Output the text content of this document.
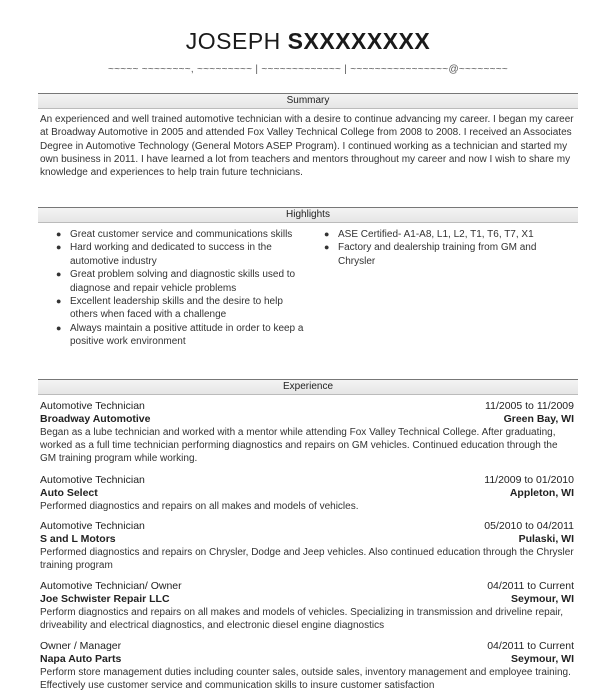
JOSEPH SXXXXXXXX
~~~~~ ~~~~~~~~, ~~~~~~~~~ | ~~~~~~~~~~~~~ | ~~~~~~~~~~~~~~~~@~~~~~~~~
Summary
An experienced and well trained automotive technician with a desire to continue advancing my career. I began my career at Broadway Automotive in 2005 and attended Fox Valley Technical College from 2008 to 2008. I received an Associates Degree in Automotive Technology (General Motors ASEP Program). I continued working as a technician and started my own business in 2011. I have learned a lot from teachers and mentors throughout my career and now I wish to share my knowledge and experiences to help train future technicians.
Highlights
● Great customer service and communications skills
● Hard working and dedicated to success in the automotive industry
● Great problem solving and diagnostic skills used to diagnose and repair vehicle problems
● Excellent leadership skills and the desire to help others when faced with a challenge
● Always maintain a positive attitude in order to keep a positive work environment
● ASE Certified- A1-A8, L1, L2, T1, T6, T7, X1
● Factory and dealership training from GM and Chrysler
Experience
Automotive Technician	11/2005 to 11/2009
Broadway Automotive	Green Bay, WI

Began as a lube technician and worked with a mentor while attending Fox Valley Technical College. After graduating, worked as a full time technician performing diagnostics and repairs on GM vehicles. Continued education through the GM training program while working.

Automotive Technician	11/2009 to 01/2010
Auto Select	Appleton, WI

Performed diagnostics and repairs on all makes and models of vehicles.

Automotive Technician	05/2010 to 04/2011
S and L Motors	Pulaski, WI

Performed diagnostics and repairs on Chrysler, Dodge and Jeep vehicles. Also continued education through the Chrysler training program

Automotive Technician/ Owner	04/2011 to Current
Joe Schwister Repair LLC	Seymour, WI

Perform diagnostics and repairs on all makes and models of vehicles. Specializing in transmission and driveline repair, driveability and electrical diagnostics, and electronic diesel engine diagnostics

Owner / Manager	04/2011 to Current
Napa Auto Parts	Seymour, WI

Perform store management duties including counter sales, outside sales, inventory management and employee training. Effectively use customer service and communication skills to insure customer satisfaction
